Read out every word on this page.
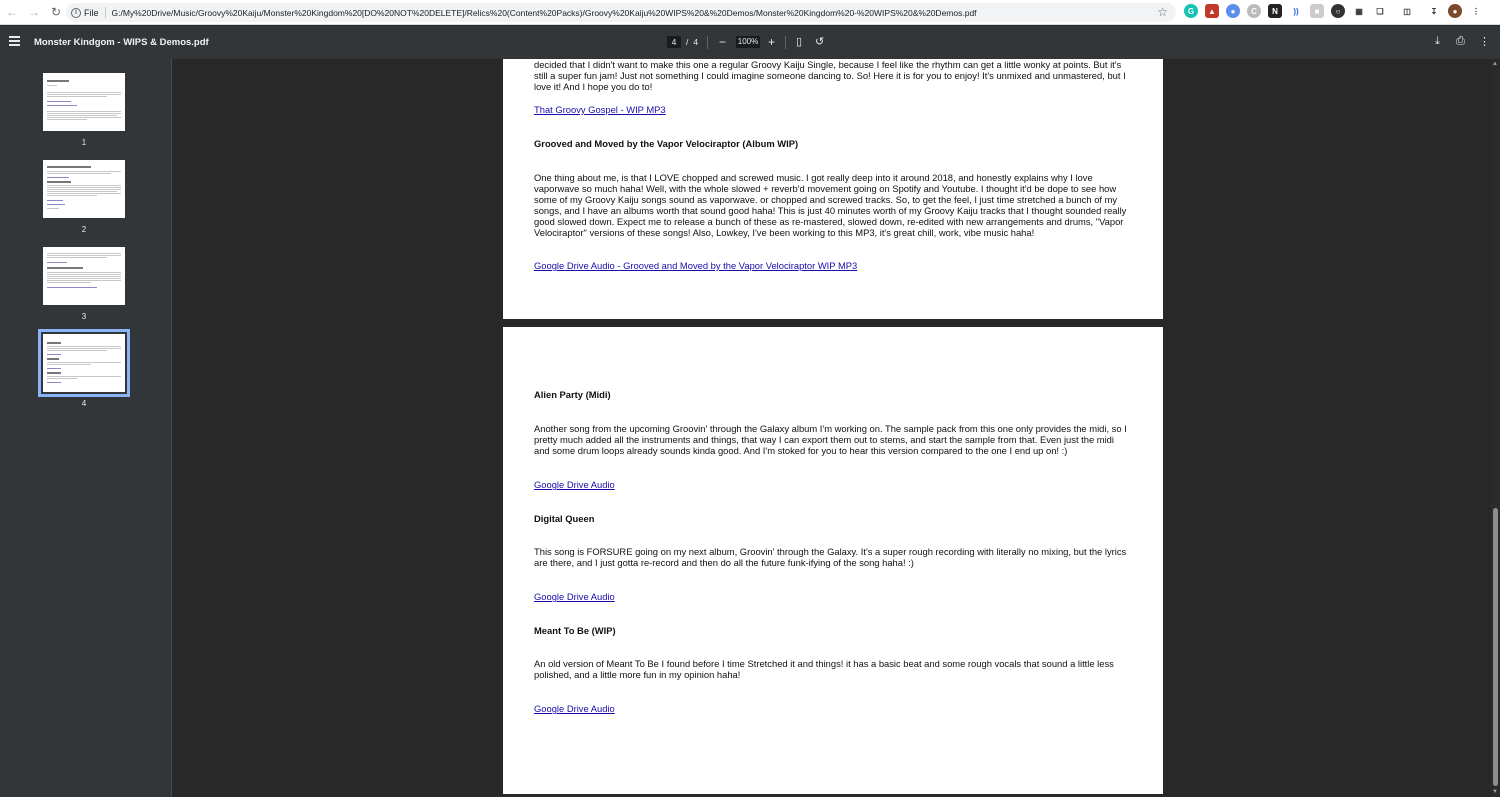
← → ↻	i File G:/My%20Drive/Music/Groovy%20Kaiju/Monster%20Kingdom%20[DO%20NOT%20DELETE]/Relics%20(Content%20Packs)/Groovy%20Kaiju%20WIPS%20&%20Demos/Monster%20Kingdom%20-%20WIPS%20&%20Demos.pdf	☆	G	▲	●	C	N	))	■	○	▦	❏	◫	↧	●	⋮
Monster Kindgom - WIPS & Demos.pdf	4	/ 4 − 100% + ▯ ↺	⤓ ⎙ ⋮
1
2
3
4
decided that I didn't want to make this one a regular Groovy Kaiju Single, because I feel like the rhythm can get a little wonky at points. But it's still a super fun jam! Just not something I could imagine someone dancing to. So! Here it is for you to enjoy! It's unmixed and unmastered, but I love it! And I hope you do to!
That Groovy Gospel - WIP MP3
Grooved and Moved by the Vapor Velociraptor (Album WIP)
One thing about me, is that I LOVE chopped and screwed music. I got really deep into it around 2018, and honestly explains why I love vaporwave so much haha! Well, with the whole slowed + reverb'd movement going on Spotify and Youtube. I thought it'd be dope to see how some of my Groovy Kaiju songs sound as vaporwave. or chopped and screwed tracks. So, to get the feel, I just time stretched a bunch of my songs, and I have an albums worth that sound good haha! This is just 40 minutes worth of my Groovy Kaiju tracks that I thought sounded really good slowed down. Expect me to release a bunch of these as re-mastered, slowed down, re-edited with new arrangements and drums, "Vapor Velociraptor" versions of these songs! Also, Lowkey, I've been working to this MP3, it's great chill, work, vibe music haha!
Google Drive Audio - Grooved and Moved by the Vapor Velociraptor WIP MP3
Alien Party (Midi)
Another song from the upcoming Groovin' through the Galaxy album I'm working on. The sample pack from this one only provides the midi, so I pretty much added all the instruments and things, that way I can export them out to stems, and start the sample from that. Even just the midi and some drum loops already sounds kinda good. And I'm stoked for you to hear this version compared to the one I end up on! :)
Google Drive Audio
Digital Queen
This song is FORSURE going on my next album, Groovin' through the Galaxy. It's a super rough recording with literally no mixing, but the lyrics are there, and I just gotta re-record and then do all the future funk-ifying of the song haha! :)
Google Drive Audio
Meant To Be (WIP)
An old version of Meant To Be I found before I time Stretched it and things! it has a basic beat and some rough vocals that sound a little less polished, and a little more fun in my opinion haha!
Google Drive Audio
▲
▼
